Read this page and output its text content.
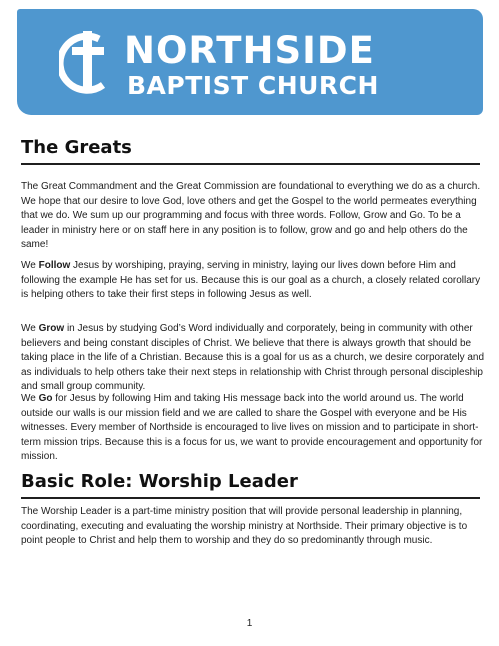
NORTHSIDE
BAPTIST CHURCH
The Greats

The Great Commandment and the Great Commission are foundational to everything we do as a church. We hope that our desire to love God, love others and get the Gospel to the world permeates everything that we do. We sum up our programming and focus with three words. Follow, Grow and Go. To be a leader in ministry here or on staff here in any position is to follow, grow and go and help others do the same!

We Follow Jesus by worshiping, praying, serving in ministry, laying our lives down before Him and following the example He has set for us. Because this is our goal as a church, a closely related corollary is helping others to take their first steps in following Jesus as well.

We Grow in Jesus by studying God’s Word individually and corporately, being in community with other believers and being constant disciples of Christ. We believe that there is always growth that should be taking place in the life of a Christian. Because this is a goal for us as a church, we desire corporately and as individuals to help others take their next steps in relationship with Christ through personal discipleship and small group community.

We Go for Jesus by following Him and taking His message back into the world around us. The world outside our walls is our mission field and we are called to share the Gospel with everyone and be His witnesses. Every member of Northside is encouraged to live lives on mission and to participate in short-term mission trips. Because this is a focus for us, we want to provide encouragement and opportunity for mission.

Basic Role: Worship Leader

The Worship Leader is a part-time ministry position that will provide personal leadership in planning, coordinating, executing and evaluating the worship ministry at Northside. Their primary objective is to point people to Christ and help them to worship and they do so predominantly through music.

1
